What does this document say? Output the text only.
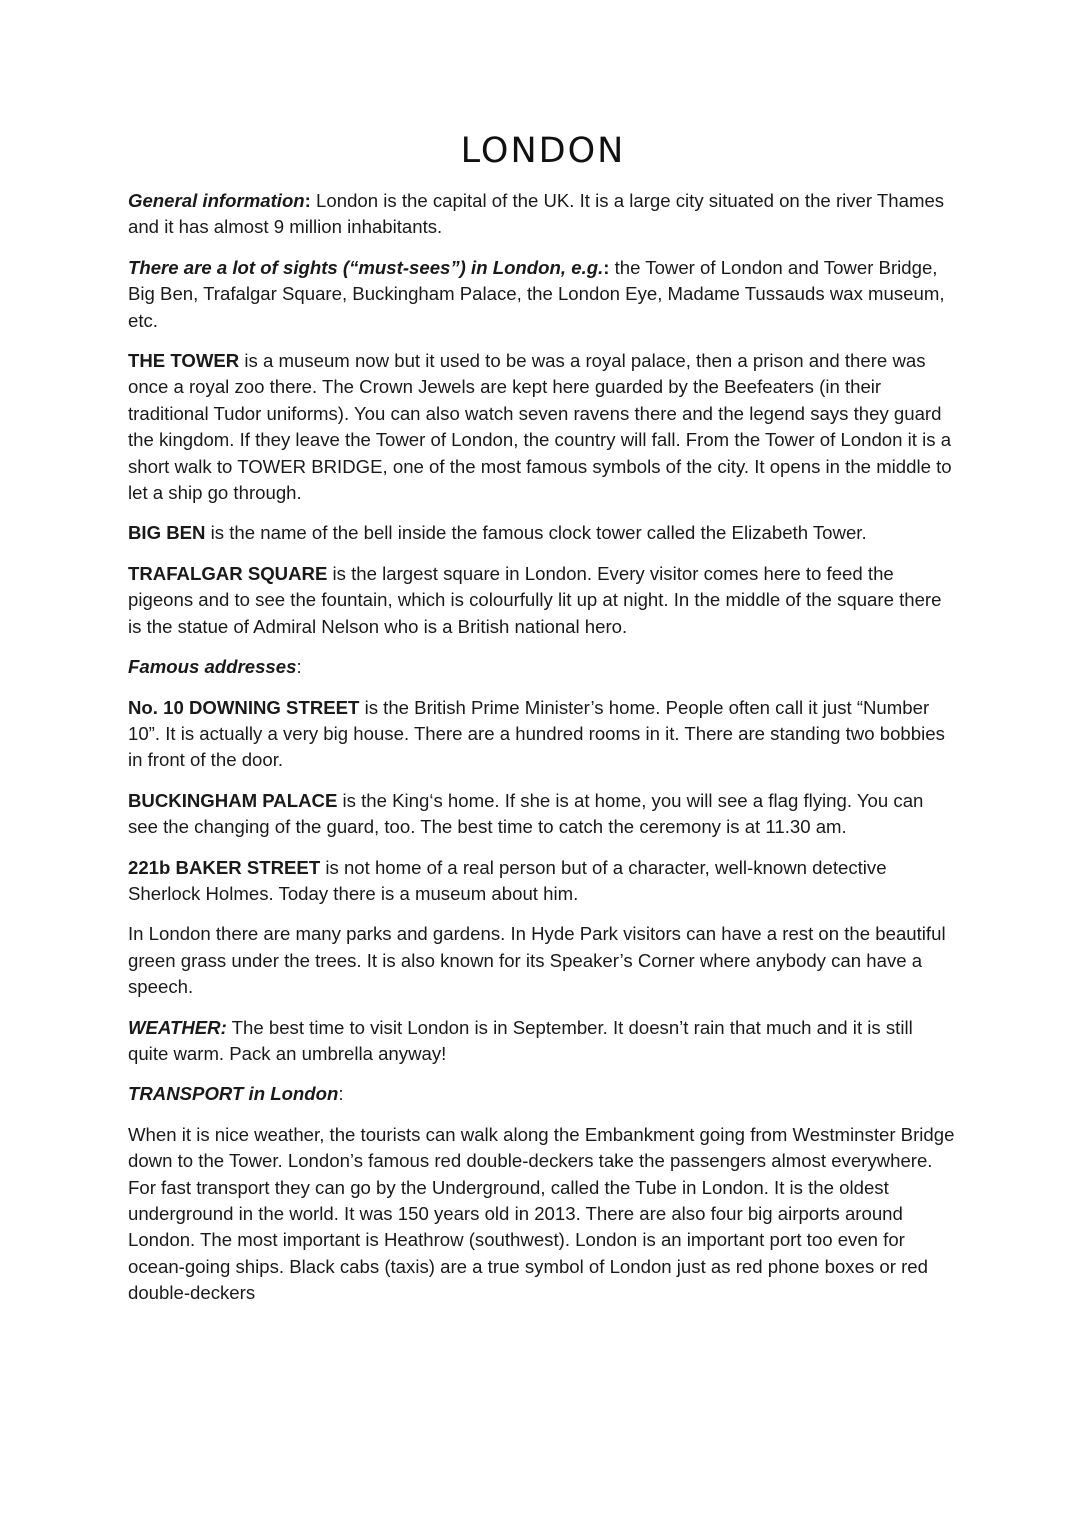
LONDON

General information: London is the capital of the UK. It is a large city situated on the river Thames and it has almost 9 million inhabitants.

There are a lot of sights (“must-sees”) in London, e.g.: the Tower of London and Tower Bridge, Big Ben, Trafalgar Square, Buckingham Palace, the London Eye, Madame Tussauds wax museum, etc.

THE TOWER is a museum now but it used to be was a royal palace, then a prison and there was once a royal zoo there. The Crown Jewels are kept here guarded by the Beefeaters (in their traditional Tudor uniforms). You can also watch seven ravens there and the legend says they guard the kingdom. If they leave the Tower of London, the country will fall. From the Tower of London it is a short walk to TOWER BRIDGE, one of the most famous symbols of the city. It opens in the middle to let a ship go through.

BIG BEN is the name of the bell inside the famous clock tower called the Elizabeth Tower.

TRAFALGAR SQUARE is the largest square in London. Every visitor comes here to feed the pigeons and to see the fountain, which is colourfully lit up at night. In the middle of the square there is the statue of Admiral Nelson who is a British national hero.

Famous addresses:

No. 10 DOWNING STREET is the British Prime Minister’s home. People often call it just “Number 10”. It is actually a very big house. There are a hundred rooms in it. There are standing two bobbies in front of the door.

BUCKINGHAM PALACE is the King‘s home. If she is at home, you will see a flag flying. You can see the changing of the guard, too. The best time to catch the ceremony is at 11.30 am.

221b BAKER STREET is not home of a real person but of a character, well-known detective Sherlock Holmes. Today there is a museum about him.

In London there are many parks and gardens. In Hyde Park visitors can have a rest on the beautiful green grass under the trees. It is also known for its Speaker’s Corner where anybody can have a speech.

WEATHER: The best time to visit London is in September. It doesn’t rain that much and it is still quite warm. Pack an umbrella anyway!

TRANSPORT in London:

When it is nice weather, the tourists can walk along the Embankment going from Westminster Bridge down to the Tower. London’s famous red double-deckers take the passengers almost everywhere. For fast transport they can go by the Underground, called the Tube in London. It is the oldest underground in the world. It was 150 years old in 2013. There are also four big airports around London. The most important is Heathrow (southwest). London is an important port too even for ocean-going ships. Black cabs (taxis) are a true symbol of London just as red phone boxes or red double-deckers
